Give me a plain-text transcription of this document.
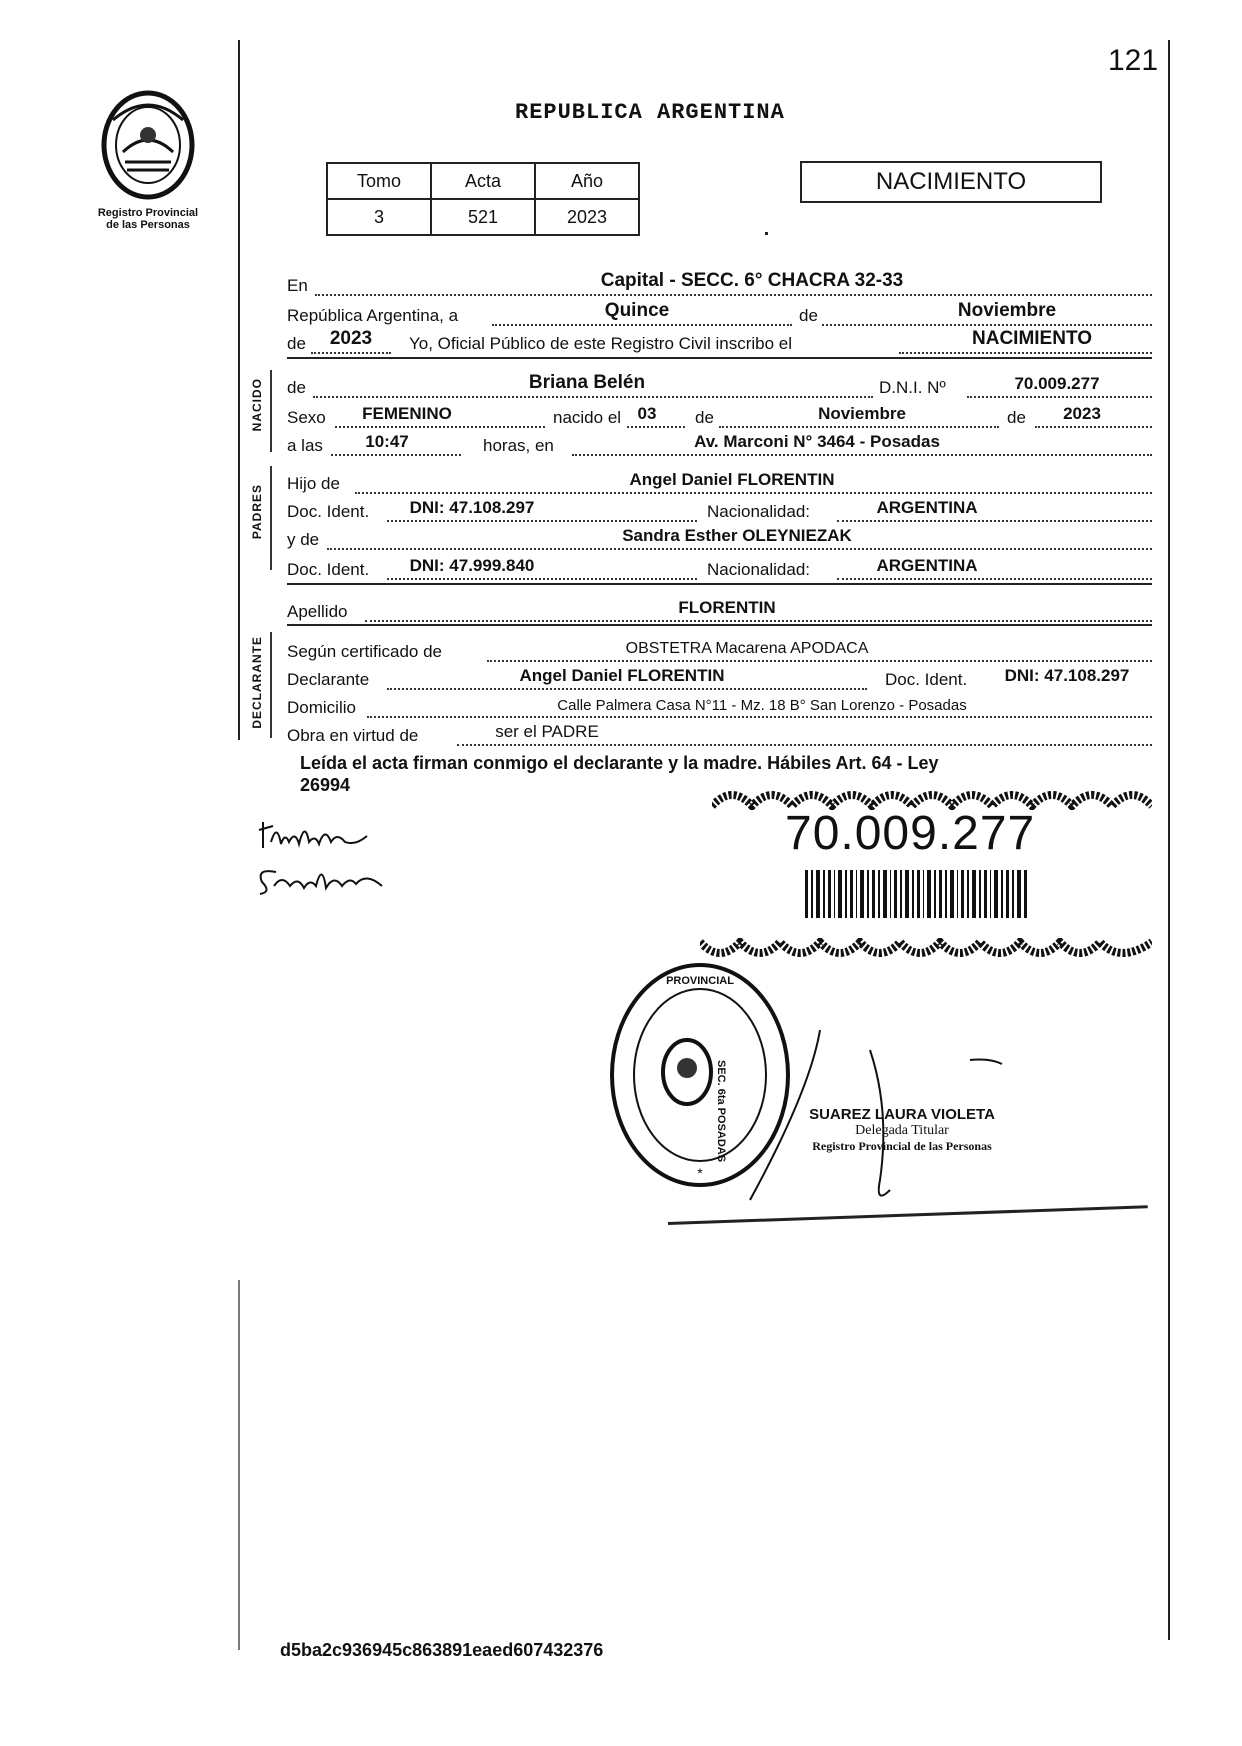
121
Registro Provincial
de las Personas
REPUBLICA ARGENTINA
Tomo	Acta	Año
3	521	2023
NACIMIENTO
NACIDO
PADRES
DECLARANTE
En	Capital - SECC. 6° CHACRA 32-33
República Argentina, a	Quince	de	Noviembre
de	2023	Yo, Oficial Público de este Registro Civil inscribo el	NACIMIENTO
de	Briana Belén	D.N.I. Nº	70.009.277
Sexo	FEMENINO	nacido el 03	de	Noviembre	de	2023
a las	10:47	horas, en	Av. Marconi N° 3464 - Posadas
Hijo de	Angel Daniel FLORENTIN
Doc. Ident.	DNI: 47.108.297	Nacionalidad:	ARGENTINA
y de	Sandra Esther OLEYNIEZAK
Doc. Ident.	DNI: 47.999.840	Nacionalidad:	ARGENTINA
Apellido	FLORENTIN
Según certificado de	OBSTETRA Macarena APODACA
Declarante	Angel Daniel FLORENTIN	Doc. Ident.	DNI: 47.108.297
Domicilio	Calle Palmera Casa N°11 - Mz. 18 B° San Lorenzo - Posadas
Obra en virtud de	ser el PADRE
Leída el acta firman conmigo el declarante y la madre. Hábiles Art. 64 - Ley
26994
70.009.277
PROVINCIAL
*
SEC. 6ta POSADAS	SUAREZ LAURA VIOLETA
Delegada Titular
Registro Provincial de las Personas
d5ba2c936945c863891eaed607432376
